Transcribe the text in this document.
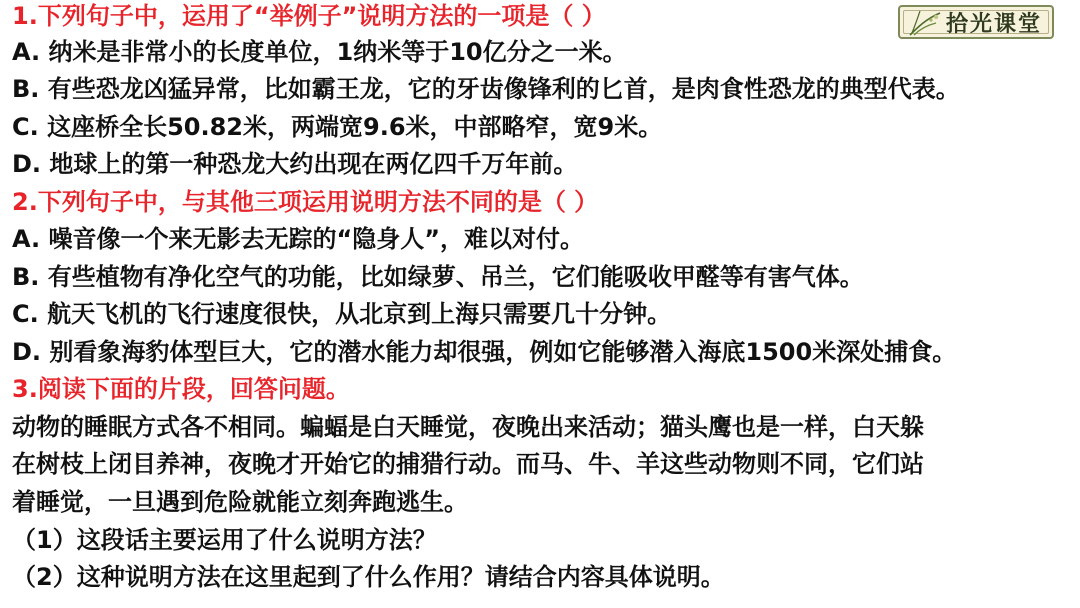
拾光课堂
1.下列句子中，运用了“举例子”说明方法的一项是（ ）
A. 纳米是非常小的长度单位，1纳米等于10亿分之一米。
B. 有些恐龙凶猛异常，比如霸王龙，它的牙齿像锋利的匕首，是肉食性恐龙的典型代表。
C. 这座桥全长50.82米，两端宽9.6米，中部略窄，宽9米。
D. 地球上的第一种恐龙大约出现在两亿四千万年前。
2.下列句子中，与其他三项运用说明方法不同的是（ ）
A. 噪音像一个来无影去无踪的“隐身人”，难以对付。
B. 有些植物有净化空气的功能，比如绿萝、吊兰，它们能吸收甲醛等有害气体。
C. 航天飞机的飞行速度很快，从北京到上海只需要几十分钟。
D. 别看象海豹体型巨大，它的潜水能力却很强，例如它能够潜入海底1500米深处捕食。
3.阅读下面的片段，回答问题。
动物的睡眠方式各不相同。蝙蝠是白天睡觉，夜晚出来活动；猫头鹰也是一样，白天躲
在树枝上闭目养神，夜晚才开始它的捕猎行动。而马、牛、羊这些动物则不同，它们站
着睡觉，一旦遇到危险就能立刻奔跑逃生。
（1）这段话主要运用了什么说明方法？
（2）这种说明方法在这里起到了什么作用？请结合内容具体说明。
